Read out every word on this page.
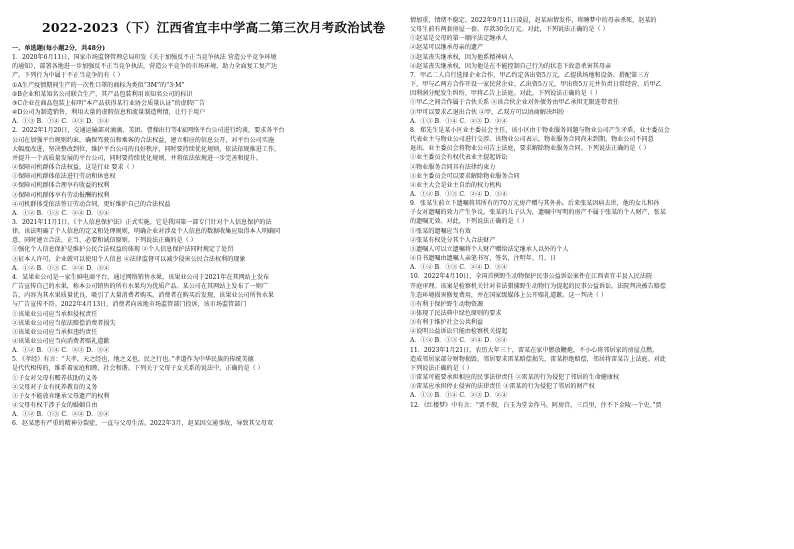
2022-2023（下）江西省宜丰中学高二第三次月考政治试卷
一、单选题(每小题2分，共48分)
1．2020年6月11日，国家市场监督管理总局印发《关于加强反不正当竞争执法 营造公平竞争环境
的通知》，部署各地进一步加强反不正当竞争执法，营造公平竞争的市场环境，助力全面复工复产达
产。下列行为中属于不正当竞争的有（ ）
①A生产疫情期间生产的一次性口罩的商标为类似“3M”的“3·M”
②B企业和某知名公司联合生产，其产品包装利用该知名公司的标识
③C企业在商品包装上标明“本产品获得某行业协会质量认证”的虚假广告
④D公司为制造销售，利用大量的虚假信息和流量制造舆情，让行于用户
A．①③ B．①④ C．②③ D．③④
2．2022年1月20日，交通运输部对滴滴、美团、曹操出行等4家网络平台公司进行约谈，要求各平台
公司在加强平台规则约束，确保驾驶员和乘客的合法权益，建立相应的信息公开，对平台公司实施
大幅度改进，坚决整改到位，维护平台公司的良好秩序，同时要持续优化规则，依法依规推进工作，
并提升一个高质量发展的平台公司，同时要持续优化规则，并将依法依规进一步完善和提升。
②保障司机群体合法权益，这是行业 要求（ ）
①保障司机群体依法进行劳动和休息权
②保障司机群体合理享有收益的权利
③保障司机群体享有劳动报酬的权利
④司机群体受依法签订劳动合同，更好维护自己的合法权益
A．①② B．①③ C．②④ D．③④
3．2021年11月1日，《个人信息保护法》正式实施。它是我国第一部专门针对个人信息保护的法
律。该法明确了个人信息的定义和处理规则，明确企业对涉及个人信息的数据收集应取得本人明确同
意，同时建立合法、正当、必要和诚信原则。下列说法正确的是（ ）
①强化个人信息保护是维护公民合法权益的体现 ②个人信息保护法同时规定了处罚
③征本人许可，企业就可以使用个人信息 ④法律监督可以减少侵害公民合法权利的现象
A．①② B．①③ C．②④ D．③④
4．某果业公司是一家生鲜电商平台，通过网络销售水果，该果业公司于2021年在其网站上发布
广告宣传自己的水果，称本公司销售的所有水果均为优质产品。某公司在其网站上发布了一则广
告，内容为其水果质量优良，吸引了大量消费者购买。消费者在购买后发现，该果业公司所售水果
与广告宣传不符。2022年4月13日，消费者向该地市场监管部门投诉，该市场监管部门
①该果业公司应当承担侵权责任
②该果业公司应当依法赔偿消费者损失
③该果业公司应当承担违约责任
④该果业公司应当向消费者赔礼道歉
A．①② B．①④ C．②③ D．③④
5．《孝经》有言：“夫孝，天之经也，地之义也，民之行也。”孝道作为中华民族的传统美德
是代代相传的，维系着家庭和睦、社会和谐。下列关于父母子女关系的说法中，正确的是（ ）
①子女对父母有赡养扶助的义务
②父母对子女有抚养教育的义务
③子女不能放弃继承父母遗产的权利
④父母有权干涉子女的婚姻自由
A．①② B．①③ C．②④ D．③④
6．赵某患有严重的精神分裂症，一直与父母生活。2022年3月，赵某因交通事故，导致其父母双
情加重，情绪不稳定。2022年9月11日凌晨，赵某病情发作，将睡梦中的母亲杀死，赵某的
父母生前有两套房屋一套，存款30余万元。对此，下列说法正确的是（ ）
①赵某是父母的第一顺序法定继承人
②赵某可以继承母亲的遗产
③赵某丧失继承权，因为他系精神病人
④赵某丧失继承权，因为他是在不能控制自己行为的状态下故意杀害其母亲
7．甲乙二人自行选择企业合作，甲乙约定各出资5万元，乙提供场地和设备。搭配第三方
下，甲与乙两方合作开设一家民营企业。乙出资5万元，甲出资5万元并负责日常经营，后甲乙
因利润分配发生纠纷，甲将乙告上法庭。对此，下列说法正确的是（ ）
①甲乙之间合作属于合伙关系 ②该合伙企业对外债务由甲乙承担无限连带责任
③甲可以要求乙退出合伙 ④甲、乙双方可以协商解决纠纷
A．①③ B．①④ C．②③ D．②④
8．郑先生是某小区业主委员会主任，该小区由于物业服务问题与物业公司产生矛盾，业主委员会
代表业主与物业公司进行交涉。该物业公司表示，物业服务合同尚未到期，物业公司不同意
退出。业主委员会将物业公司告上法庭，要求解除物业服务合同。下列说法正确的是（ ）
①业主委员会有权代表业主提起诉讼
②物业服务合同具有法律约束力
③业主委员会可以要求解除物业服务合同
④业主大会是业主自治的权力机构
A．①② B．①③ C．②④ D．③④
9．张某生前立下遗嘱将其所有的70万元房产赠与其外孙。后来张某因病去世，他的女儿和孙
子女对遗嘱的效力产生争议。张某的儿子认为，遗嘱中写明的房产不属于张某的个人财产，张某
的遗嘱无效。对此，下列说法正确的是（ ）
①张某的遗嘱应当有效
②张某有权处分其个人合法财产
③遗嘱人可以立遗嘱将个人财产赠给法定继承人以外的个人
④自书遗嘱由遗嘱人亲笔书写，签名，注明年、月、日
A．①② B．①③ C．②④ D．③④
10．2022年4月10日，全国首例野生动物保护民事公益诉讼案件在江西省宜丰县人民法院
开庭审理。该案是检察机关针对非法猎捕野生动物行为提起的民事公益诉讼。法院判决被告赔偿
生态环境损害修复费用，并在国家级媒体上公开赔礼道歉。这一判决（ ）
①有利于保护野生动物资源
②体现了民法典中绿色原则的要求
③有利于维护社会公共利益
④说明公益诉讼只能由检察机关提起
A．①② B．①③ C．②④ D．③④
11．2023年1月21日，农历大年三十，雷某在家中燃放鞭炮，不小心将邻居家的房屋点燃，
造成邻居家部分财物损毁。邻居要求雷某赔偿损失，雷某拒绝赔偿，邻居将雷某告上法庭。对此
下列说法正确的是（ ）
①雷某可能要承担相应的民事法律责任 ②雷某的行为侵犯了邻居的生命健康权
③雷某应承担停止侵害的法律责任 ④雷某的行为侵犯了邻居的财产权
A．①③ B．①④ C．②③ D．②④
12．《红楼梦》中有言：“贾不假，白玉为堂金作马。阿房宫，三百里，住不下金陵一个史。”贾
